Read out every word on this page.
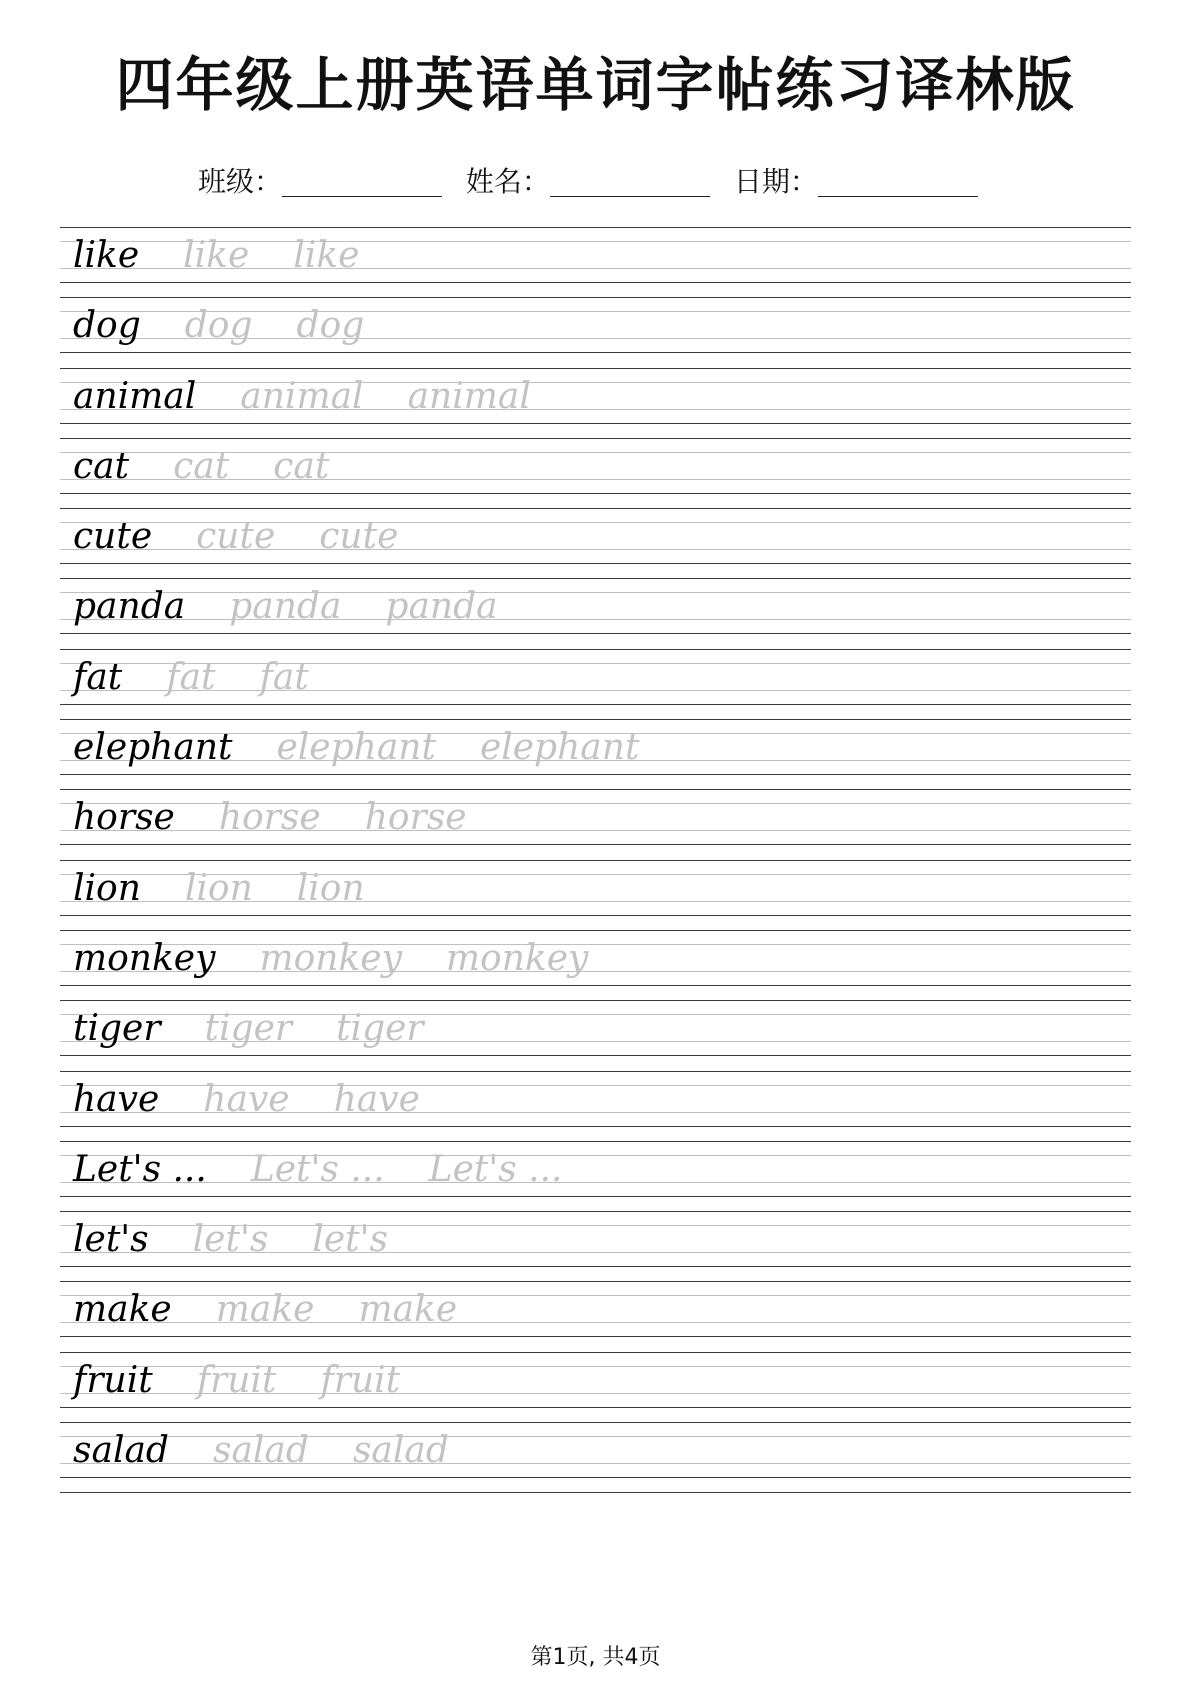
四年级上册英语单词字帖练习译林版
班级：	姓名：	日期：
like like like
dog dog dog
animal animal animal
cat cat cat
cute cute cute
panda panda panda
fat fat fat
elephant elephant elephant
horse horse horse
lion lion lion
monkey monkey monkey
tiger tiger tiger
have have have
Let's ... Let's ... Let's ...
let's let's let's
make make make
fruit fruit fruit
salad salad salad
第1页, 共4页
